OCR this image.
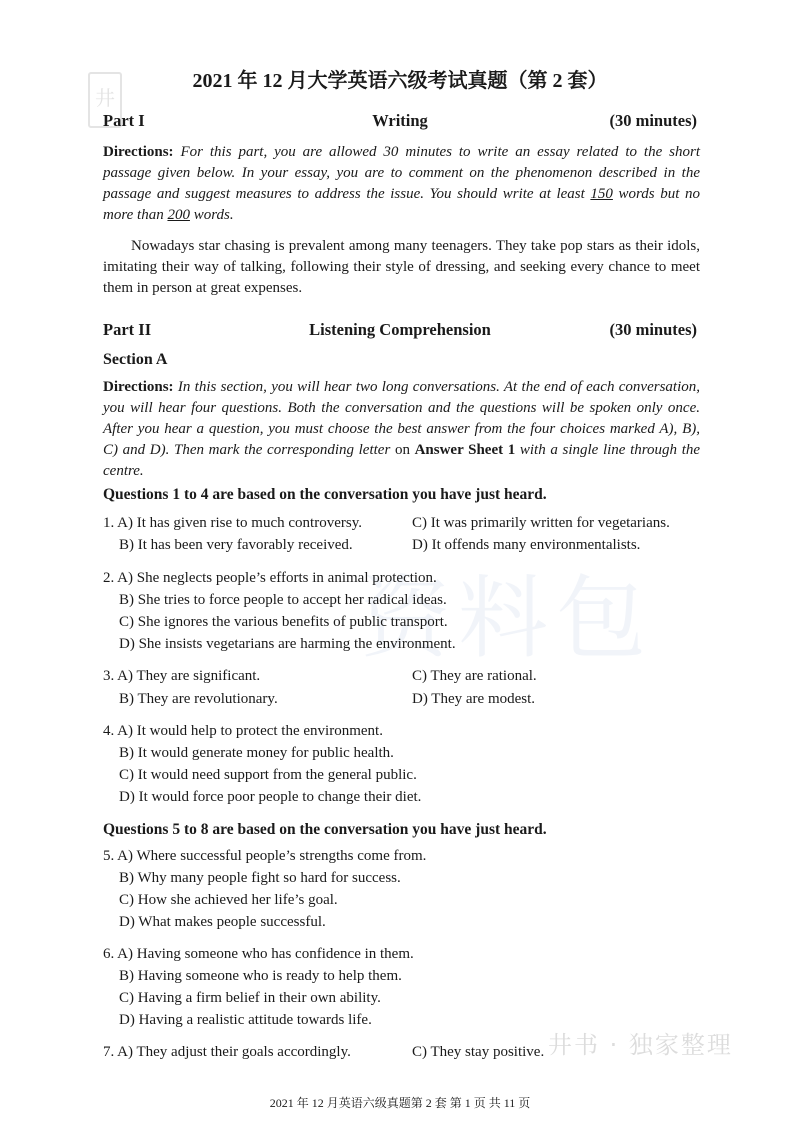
井
资料包
井书 · 独家整理
2021 年 12 月大学英语六级考试真题（第 2 套）
Writing
Part I	(30 minutes)

Directions: For this part, you are allowed 30 minutes to write an essay related to the short passage given below. In your essay, you are to comment on the phenomenon described in the passage and suggest measures to address the issue. You should write at least 150 words but no more than 200 words.

Nowadays star chasing is prevalent among many teenagers. They take pop stars as their idols, imitating their way of talking, following their style of dressing, and seeking every chance to meet them in person at great expenses.

Listening Comprehension
Part II	(30 minutes)
Section A

Directions: In this section, you will hear two long conversations. At the end of each conversation, you will hear four questions. Both the conversation and the questions will be spoken only once. After you hear a question, you must choose the best answer from the four choices marked A), B), C) and D). Then mark the corresponding letter on Answer Sheet 1 with a single line through the centre.

Questions 1 to 4 are based on the conversation you have just heard.
1. A) It has given rise to much controversy.	C) It was primarily written for vegetarians.
B) It has been very favorably received.	D) It offends many environmentalists.
2. A) She neglects people’s efforts in animal protection.
B) She tries to force people to accept her radical ideas.
C) She ignores the various benefits of public transport.
D) She insists vegetarians are harming the environment.
3. A) They are significant.	C) They are rational.
B) They are revolutionary.	D) They are modest.
4. A) It would help to protect the environment.
B) It would generate money for public health.
C) It would need support from the general public.
D) It would force poor people to change their diet.
Questions 5 to 8 are based on the conversation you have just heard.
5. A) Where successful people’s strengths come from.
B) Why many people fight so hard for success.
C) How she achieved her life’s goal.
D) What makes people successful.
6. A) Having someone who has confidence in them.
B) Having someone who is ready to help them.
C) Having a firm belief in their own ability.
D) Having a realistic attitude towards life.
7. A) They adjust their goals accordingly.	C) They stay positive.
2021 年 12 月英语六级真题第 2 套 第 1 页 共 11 页
